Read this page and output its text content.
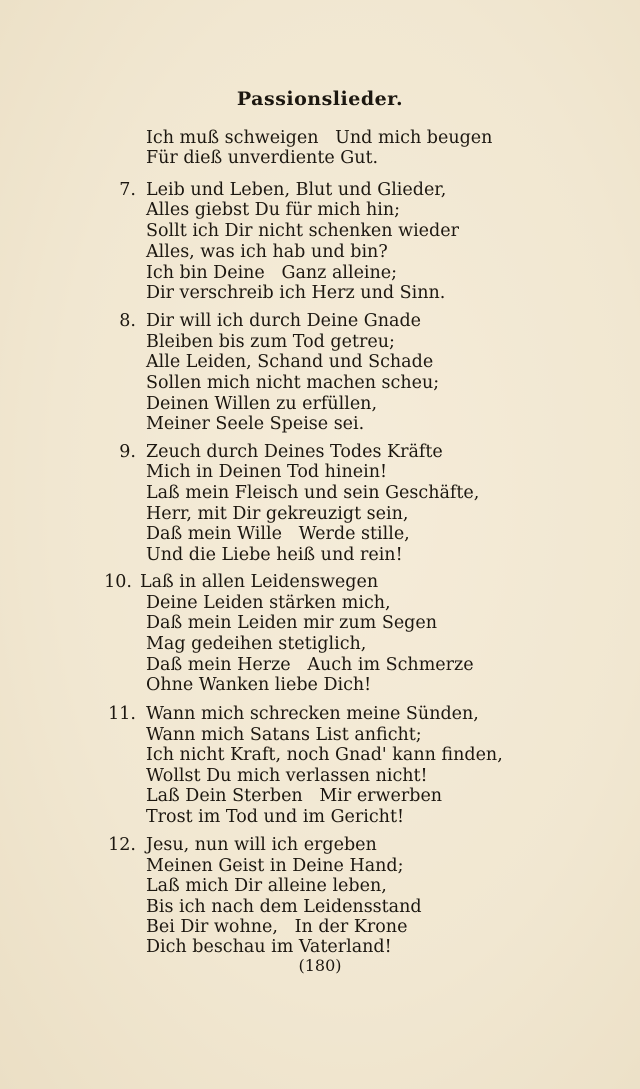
Passionslieder.
Ich muß schweigen   Und mich beugen
Für dieß unverdiente Gut.
7. Leib und Leben, Blut und Glieder,
Alles giebst Du für mich hin;
Sollt ich Dir nicht schenken wieder
Alles, was ich hab und bin?
Ich bin Deine   Ganz alleine;
Dir verschreib ich Herz und Sinn.
8. Dir will ich durch Deine Gnade
Bleiben bis zum Tod getreu;
Alle Leiden, Schand und Schade
Sollen mich nicht machen scheu;
Deinen Willen zu erfüllen,
Meiner Seele Speise sei.
9. Zeuch durch Deines Todes Kräfte
Mich in Deinen Tod hinein!
Laß mein Fleisch und sein Geschäfte,
Herr, mit Dir gekreuzigt sein,
Daß mein Wille   Werde stille,
Und die Liebe heiß und rein!
10. Laß in allen Leidenswegen
Deine Leiden stärken mich,
Daß mein Leiden mir zum Segen
Mag gedeihen stetiglich,
Daß mein Herze   Auch im Schmerze
Ohne Wanken liebe Dich!
11. Wann mich schrecken meine Sünden,
Wann mich Satans List anficht;
Ich nicht Kraft, noch Gnad' kann finden,
Wollst Du mich verlassen nicht!
Laß Dein Sterben   Mir erwerben
Trost im Tod und im Gericht!
12. Jesu, nun will ich ergeben
Meinen Geist in Deine Hand;
Laß mich Dir alleine leben,
Bis ich nach dem Leidensstand
Bei Dir wohne,   In der Krone
Dich beschau im Vaterland!
(180)
